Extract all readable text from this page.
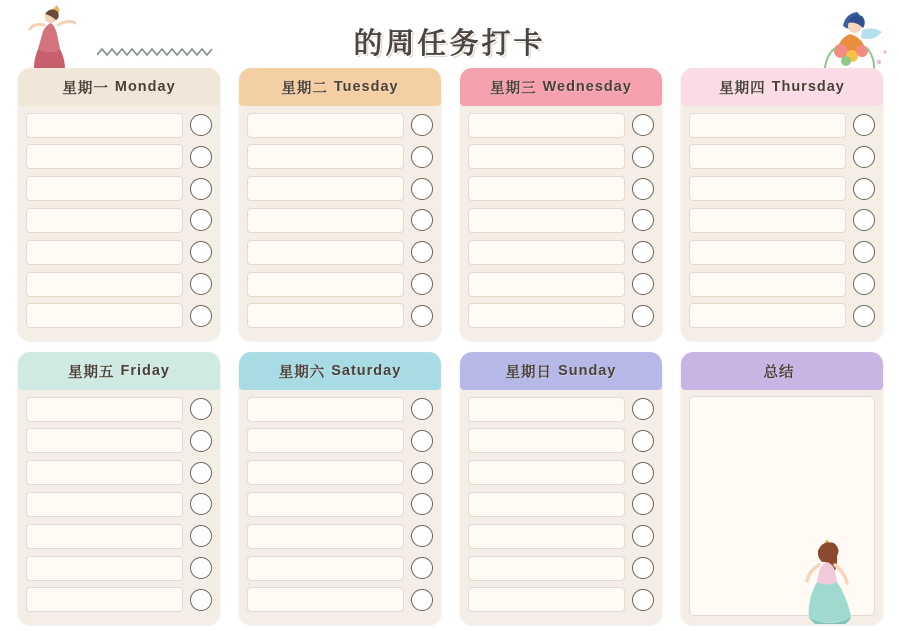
的周任务打卡
星期一 Monday	星期二 Tuesday	星期三 Wednesday	星期四 Thursday
星期五 Friday	星期六 Saturday	星期日 Sunday	总结
